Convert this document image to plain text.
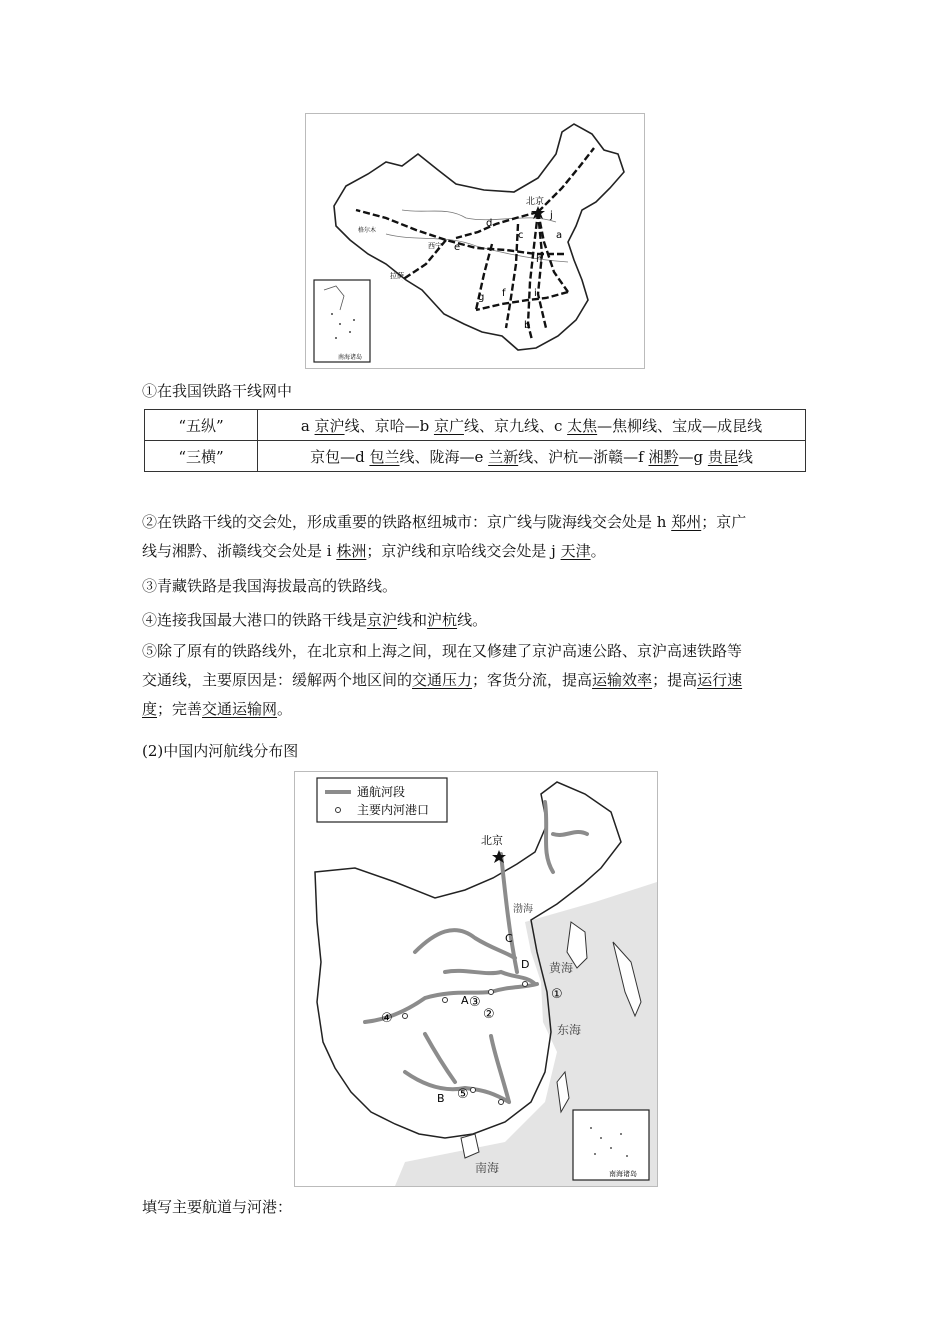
北京
西宁
拉萨
格尔木	a
b
c
d
e
f
g
h
i
j
南海诸岛
①在我国铁路干线网中
“五纵”	a 京沪线、京哈—b 京广线、京九线、c 太焦—焦柳线、宝成—成昆线
“三横”	京包—d 包兰线、陇海—e 兰新线、沪杭—浙赣—f 湘黔—g 贵昆线
②在铁路干线的交会处，形成重要的铁路枢纽城市：京广线与陇海线交会处是 h 郑州；京广
线与湘黔、浙赣线交会处是 i 株洲；京沪线和京哈线交会处是 j 天津。
③青藏铁路是我国海拔最高的铁路线。
④连接我国最大港口的铁路干线是京沪线和沪杭线。
⑤除了原有的铁路线外，在北京和上海之间，现在又修建了京沪高速公路、京沪高速铁路等
交通线，主要原因是：缓解两个地区间的交通压力；客货分流，提高运输效率；提高运行速
度；完善交通运输网。
(2)中国内河航线分布图
北京
渤海
黄海
东海
南海
A
B
C
D
①
②
③
④
⑤
通航河段
主要内河港口
南海诸岛
填写主要航道与河港：
